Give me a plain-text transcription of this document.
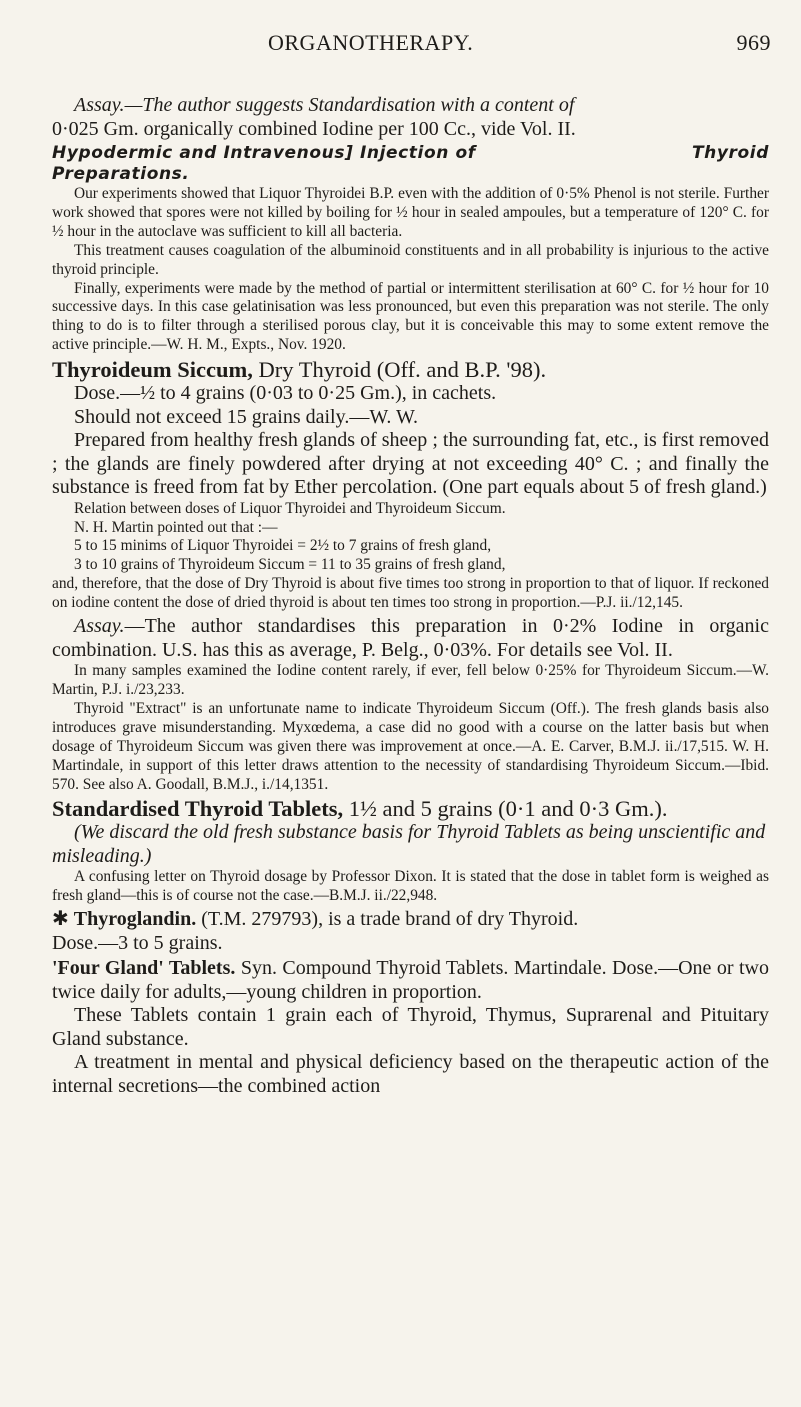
ORGANOTHERAPY.	969

Assay.—The author suggests Standardisation with a content of

0·025 Gm. organically combined Iodine per 100 Cc., vide Vol. II.

Hypodermic and Intravenous] Injection of	Thyroid
Preparations.

Our experiments showed that Liquor Thyroidei B.P. even with the addition of 0·5% Phenol is not sterile. Further work showed that spores were not killed by boiling for ½ hour in sealed ampoules, but a temperature of 120° C. for ½ hour in the autoclave was sufficient to kill all bacteria.

This treatment causes coagulation of the albuminoid constituents and in all probability is injurious to the active thyroid principle.

Finally, experiments were made by the method of partial or intermittent sterilisation at 60° C. for ½ hour for 10 successive days. In this case gelatinisation was less pronounced, but even this preparation was not sterile. The only thing to do is to filter through a sterilised porous clay, but it is conceivable this may to some extent remove the active principle.—W. H. M., Expts., Nov. 1920.

Thyroideum Siccum, Dry Thyroid (Off. and B.P. '98).

Dose.—½ to 4 grains (0·03 to 0·25 Gm.), in cachets.

Should not exceed 15 grains daily.—W. W.

Prepared from healthy fresh glands of sheep ; the surrounding fat, etc., is first removed ; the glands are finely powdered after drying at not exceeding 40° C. ; and finally the substance is freed from fat by Ether percolation. (One part equals about 5 of fresh gland.)

Relation between doses of Liquor Thyroidei and Thyroideum Siccum.

N. H. Martin pointed out that :—

5 to 15 minims of Liquor Thyroidei = 2½ to 7 grains of fresh gland,

3 to 10 grains of Thyroideum Siccum = 11 to 35 grains of fresh gland,

and, therefore, that the dose of Dry Thyroid is about five times too strong in proportion to that of liquor. If reckoned on iodine content the dose of dried thyroid is about ten times too strong in proportion.—P.J. ii./12,145.

Assay.—The author standardises this preparation in 0·2% Iodine in organic combination. U.S. has this as average, P. Belg., 0·03%. For details see Vol. II.

In many samples examined the Iodine content rarely, if ever, fell below 0·25% for Thyroideum Siccum.—W. Martin, P.J. i./23,233.

Thyroid "Extract" is an unfortunate name to indicate Thyroideum Siccum (Off.). The fresh glands basis also introduces grave misunderstanding. Myxœdema, a case did no good with a course on the latter basis but when dosage of Thyroideum Siccum was given there was improvement at once.—A. E. Carver, B.M.J. ii./17,515. W. H. Martindale, in support of this letter draws attention to the necessity of standardising Thyroideum Siccum.—Ibid. 570. See also A. Goodall, B.M.J., i./14,1351.

Standardised Thyroid Tablets, 1½ and 5 grains (0·1 and 0·3 Gm.).

(We discard the old fresh substance basis for Thyroid Tablets as being unscientific and misleading.)

A confusing letter on Thyroid dosage by Professor Dixon. It is stated that the dose in tablet form is weighed as fresh gland—this is of course not the case.—B.M.J. ii./22,948.

✱ Thyroglandin. (T.M. 279793), is a trade brand of dry Thyroid.

Dose.—3 to 5 grains.

'Four Gland' Tablets. Syn. Compound Thyroid Tablets. Martindale. Dose.—One or two twice daily for adults,—young children in proportion.

These Tablets contain 1 grain each of Thyroid, Thymus, Suprarenal and Pituitary Gland substance.

A treatment in mental and physical deficiency based on the therapeutic action of the internal secretions—the combined action
